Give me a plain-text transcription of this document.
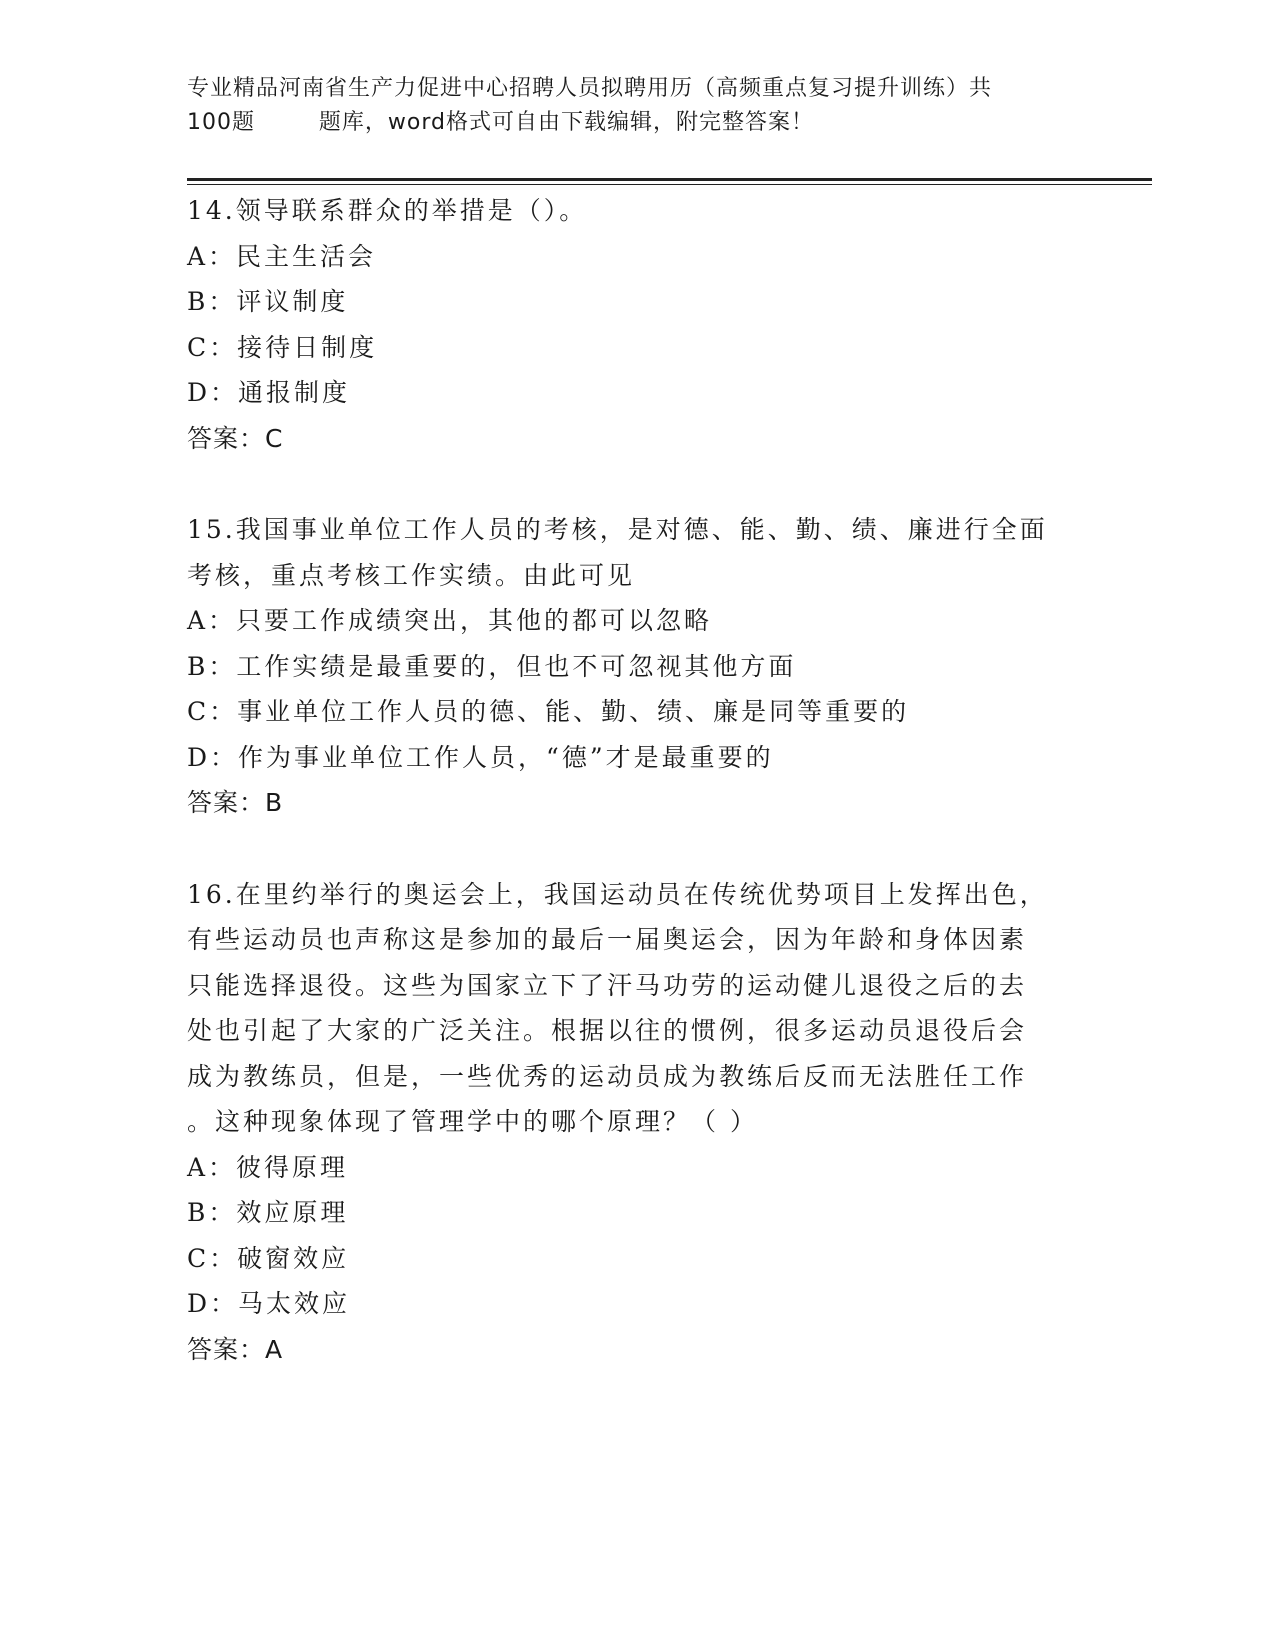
专业精品河南省生产力促进中心招聘人员拟聘用历（高频重点复习提升训练）共
100题        题库，word格式可自由下载编辑，附完整答案！
14.领导联系群众的举措是（）。
A：民主生活会
B：评议制度
C：接待日制度
D：通报制度
答案：C
15.我国事业单位工作人员的考核，是对德、能、勤、绩、廉进行全面
考核，重点考核工作实绩。由此可见
A：只要工作成绩突出，其他的都可以忽略
B：工作实绩是最重要的，但也不可忽视其他方面
C：事业单位工作人员的德、能、勤、绩、廉是同等重要的
D：作为事业单位工作人员，“德”才是最重要的
答案：B
16.在里约举行的奥运会上，我国运动员在传统优势项目上发挥出色，
有些运动员也声称这是参加的最后一届奥运会，因为年龄和身体因素
只能选择退役。这些为国家立下了汗马功劳的运动健儿退役之后的去
处也引起了大家的广泛关注。根据以往的惯例，很多运动员退役后会
成为教练员，但是，一些优秀的运动员成为教练后反而无法胜任工作
。这种现象体现了管理学中的哪个原理？（ ）
A：彼得原理
B：效应原理
C：破窗效应
D：马太效应
答案：A
